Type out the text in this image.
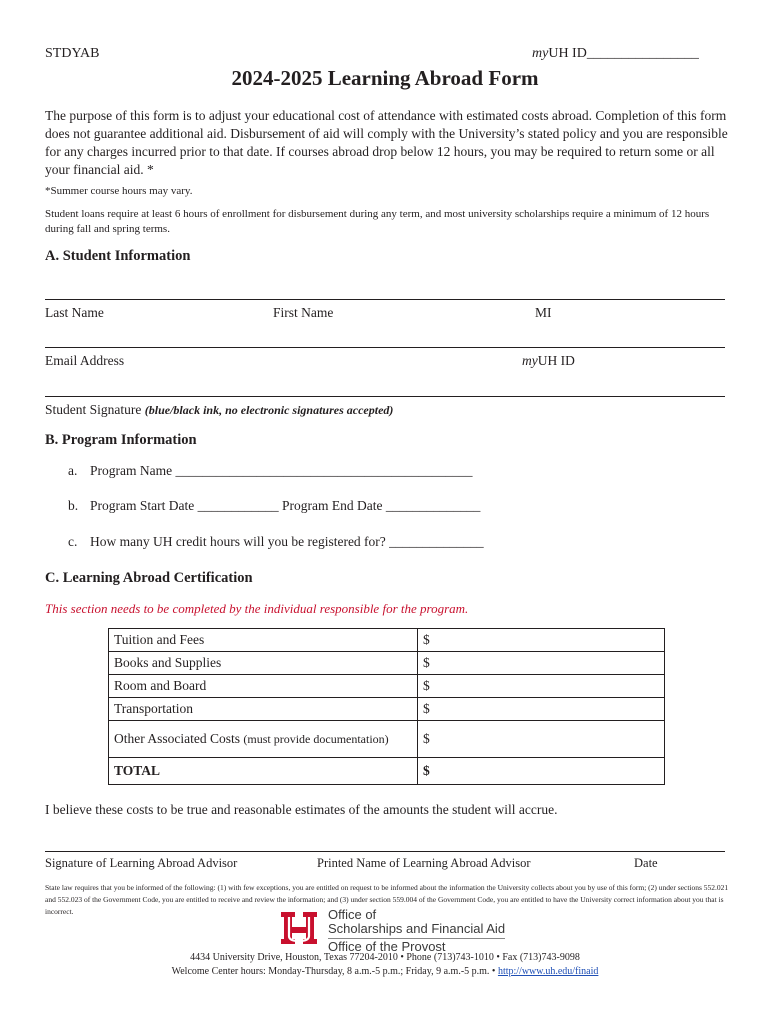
STDYAB	myUH ID________________
2024-2025 Learning Abroad Form
The purpose of this form is to adjust your educational cost of attendance with estimated costs abroad. Completion of this form does not guarantee additional aid. Disbursement of aid will comply with the University’s stated policy and you are responsible for any charges incurred prior to that date. If courses abroad drop below 12 hours, you may be required to return some or all your financial aid. *
*Summer course hours may vary.
Student loans require at least 6 hours of enrollment for disbursement during any term, and most university scholarships require a minimum of 12 hours during fall and spring terms.
A. Student Information
Last Name	First Name	MI
Email Address	myUH ID
Student Signature (blue/black ink, no electronic signatures accepted)
B. Program Information
a. Program Name ____________________________________________
b. Program Start Date ____________ Program End Date ______________
c. How many UH credit hours will you be registered for? ______________
C. Learning Abroad Certification
This section needs to be completed by the individual responsible for the program.
Tuition and Fees	$
Books and Supplies	$
Room and Board	$
Transportation	$
Other Associated Costs (must provide documentation)	$
TOTAL	$
I believe these costs to be true and reasonable estimates of the amounts the student will accrue.
Signature of Learning Abroad Advisor	Printed Name of Learning Abroad Advisor	Date
State law requires that you be informed of the following: (1) with few exceptions, you are entitled on request to be informed about the information the University collects about you by use of this form; (2) under sections 552.021 and 552.023 of the Government Code, you are entitled to receive and review the information; and (3) under section 559.004 of the Government Code, you are entitled to have the University correct information about you that is incorrect.	Office of
Scholarships and Financial Aid
Office of the Provost
4434 University Drive, Houston, Texas 77204-2010 • Phone (713)743-1010 • Fax (713)743-9098
Welcome Center hours: Monday-Thursday, 8 a.m.-5 p.m.; Friday, 9 a.m.-5 p.m. • http://www.uh.edu/finaid
